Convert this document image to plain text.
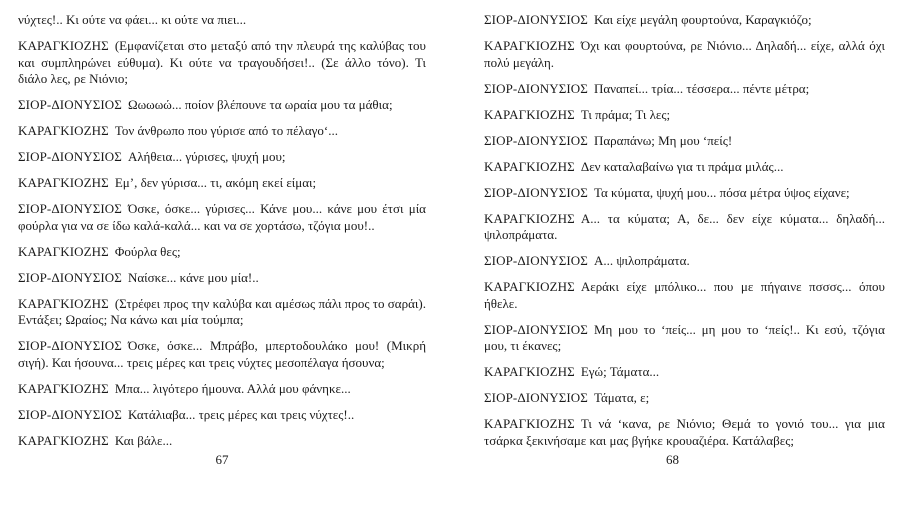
νύχτες!.. Κι ούτε να φάει... κι ούτε να πιει...

ΚΑΡΑΓΚΙΟΖΗΣ (Εμφανίζεται στο μεταξύ από την πλευρά της καλύβας του και συμπληρώνει εύθυμα). Κι ούτε να τραγουδήσει!.. (Σε άλλο τόνο). Τι διάλο λες, ρε Νιόνιο;

ΣΙΟΡ-ΔΙΟΝΥΣΙΟΣ Ωωωωώ... ποίον βλέπουνε τα ωραία μου τα μάθια;

ΚΑΡΑΓΚΙΟΖΗΣ Τον άνθρωπο που γύρισε από το πέλαγο‘...

ΣΙΟΡ-ΔΙΟΝΥΣΙΟΣ Αλήθεια... γύρισες, ψυχή μου;

ΚΑΡΑΓΚΙΟΖΗΣ Εμ’, δεν γύρισα... τι, ακόμη εκεί είμαι;

ΣΙΟΡ-ΔΙΟΝΥΣΙΟΣ Όσκε, όσκε... γύρισες... Κάνε μου... κάνε μου έτσι μία φούρλα για να σε ίδω καλά-καλά... και να σε χορτάσω, τζόγια μου!..

ΚΑΡΑΓΚΙΟΖΗΣ Φούρλα θες;

ΣΙΟΡ-ΔΙΟΝΥΣΙΟΣ Ναίσκε... κάνε μου μία!..

ΚΑΡΑΓΚΙΟΖΗΣ (Στρέφει προς την καλύβα και αμέσως πάλι προς το σαράι). Εντάξει; Ωραίος; Να κάνω και μία τούμπα;

ΣΙΟΡ-ΔΙΟΝΥΣΙΟΣ Όσκε, όσκε... Μπράβο, μπερτοδουλάκο μου! (Μικρή σιγή). Και ήσουνα... τρεις μέρες και τρεις νύχτες μεσοπέλαγα ήσουνα;

ΚΑΡΑΓΚΙΟΖΗΣ Μπα... λιγότερο ήμουνα. Αλλά μου φάνηκε...

ΣΙΟΡ-ΔΙΟΝΥΣΙΟΣ Κατάλιαβα... τρεις μέρες και τρεις νύχτες!..

ΚΑΡΑΓΚΙΟΖΗΣ Και βάλε...

67

ΣΙΟΡ-ΔΙΟΝΥΣΙΟΣ Και είχε μεγάλη φουρτούνα, Καραγκιόζο;

ΚΑΡΑΓΚΙΟΖΗΣ Όχι και φουρτούνα, ρε Νιόνιο... Δηλαδή... είχε, αλλά όχι πολύ μεγάλη.

ΣΙΟΡ-ΔΙΟΝΥΣΙΟΣ Παναπεί... τρία... τέσσερα... πέντε μέτρα;

ΚΑΡΑΓΚΙΟΖΗΣ Τι πράμα; Τι λες;

ΣΙΟΡ-ΔΙΟΝΥΣΙΟΣ Παραπάνω; Μη μου ‘πείς!

ΚΑΡΑΓΚΙΟΖΗΣ Δεν καταλαβαίνω για τι πράμα μιλάς...

ΣΙΟΡ-ΔΙΟΝΥΣΙΟΣ Τα κύματα, ψυχή μου... πόσα μέτρα ύψος είχανε;

ΚΑΡΑΓΚΙΟΖΗΣ Α... τα κύματα; Α, δε... δεν είχε κύματα... δηλαδή... ψιλοπράματα.

ΣΙΟΡ-ΔΙΟΝΥΣΙΟΣ Α... ψιλοπράματα.

ΚΑΡΑΓΚΙΟΖΗΣ Αεράκι είχε μπόλικο... που με πήγαινε πσσσς... όπου ήθελε.

ΣΙΟΡ-ΔΙΟΝΥΣΙΟΣ Μη μου το ‘πείς... μη μου το ‘πείς!.. Κι εσύ, τζόγια μου, τι έκανες;

ΚΑΡΑΓΚΙΟΖΗΣ Εγώ; Τάματα...

ΣΙΟΡ-ΔΙΟΝΥΣΙΟΣ Τάματα, ε;

ΚΑΡΑΓΚΙΟΖΗΣ Τι νά ‘κανα, ρε Νιόνιο; Θεμά το γονιό του... για μια τσάρκα ξεκινήσαμε και μας βγήκε κρουαζιέρα. Κατάλαβες;

68
